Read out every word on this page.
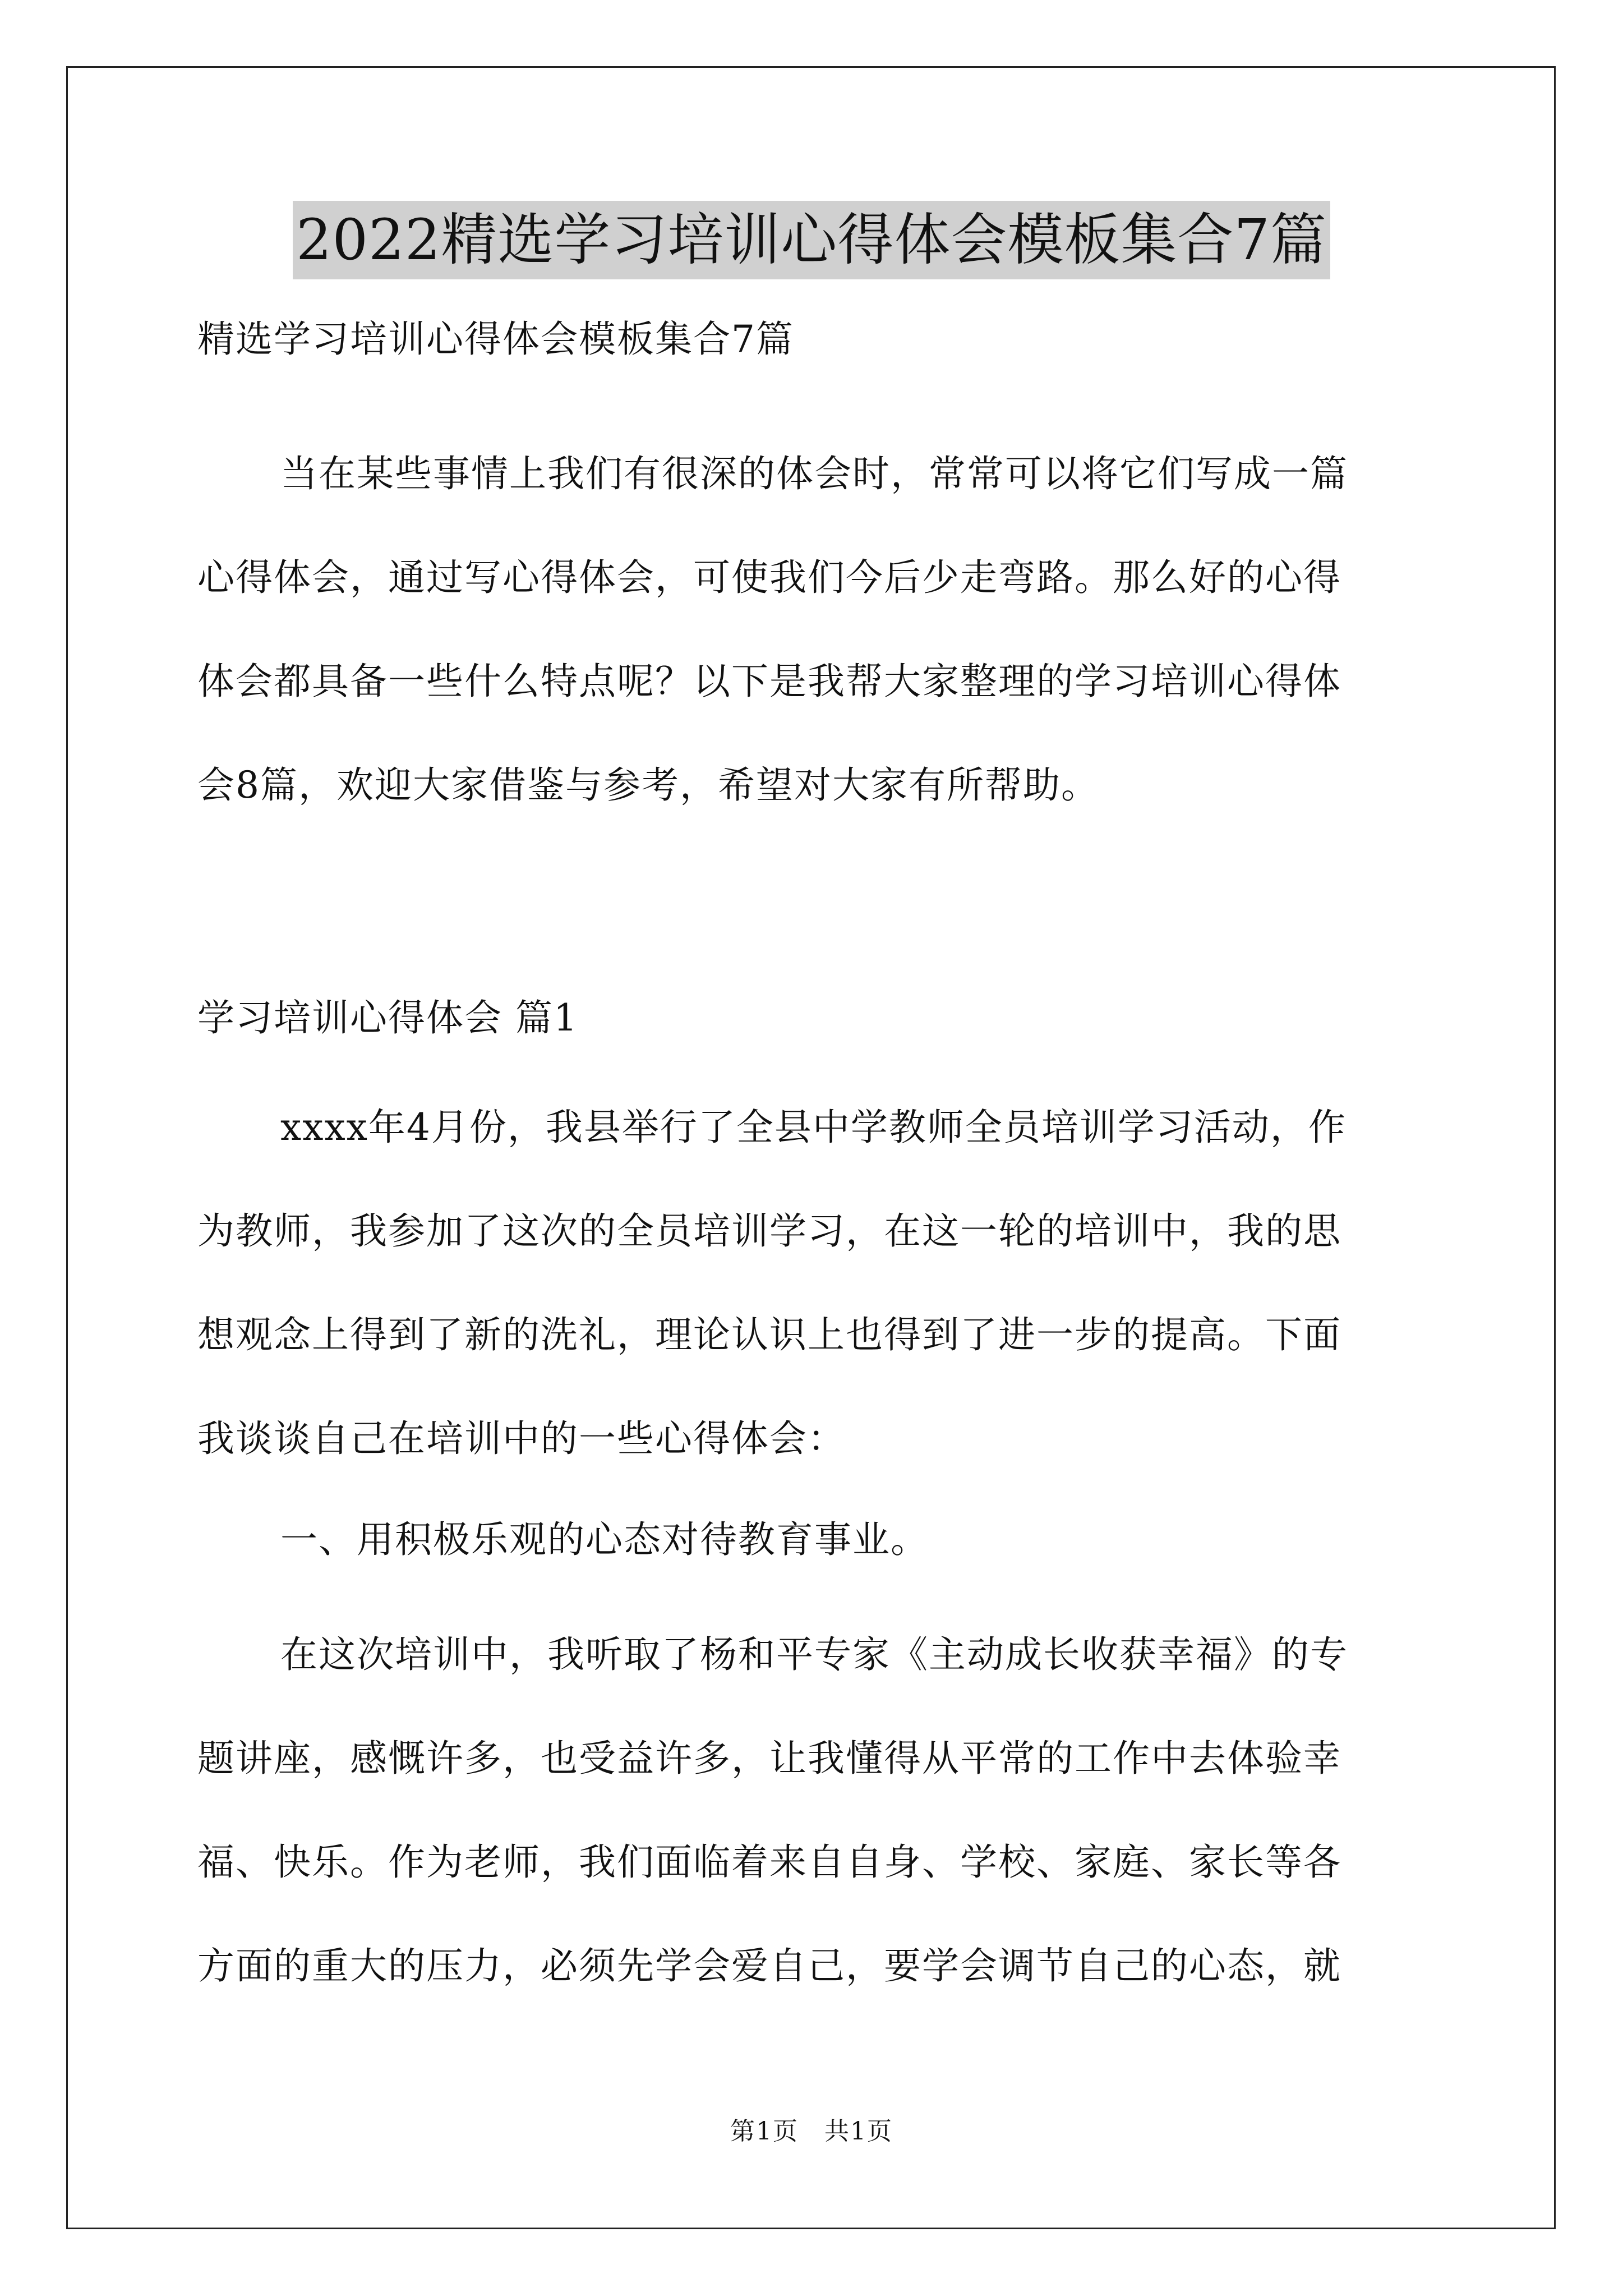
2022精选学习培训心得体会模板集合7篇
精选学习培训心得体会模板集合7篇
当在某些事情上我们有很深的体会时，常常可以将它们写成一篇
心得体会，通过写心得体会，可使我们今后少走弯路。那么好的心得
体会都具备一些什么特点呢？以下是我帮大家整理的学习培训心得体
会8篇，欢迎大家借鉴与参考，希望对大家有所帮助。
学习培训心得体会 篇1
xxxx年4月份，我县举行了全县中学教师全员培训学习活动，作
为教师，我参加了这次的全员培训学习，在这一轮的培训中，我的思
想观念上得到了新的洗礼，理论认识上也得到了进一步的提高。下面
我谈谈自己在培训中的一些心得体会：
一、用积极乐观的心态对待教育事业。
在这次培训中，我听取了杨和平专家《主动成长收获幸福》的专
题讲座，感慨许多，也受益许多，让我懂得从平常的工作中去体验幸
福、快乐。作为老师，我们面临着来自自身、学校、家庭、家长等各
方面的重大的压力，必须先学会爱自己，要学会调节自己的心态，就
第1页　共1页
